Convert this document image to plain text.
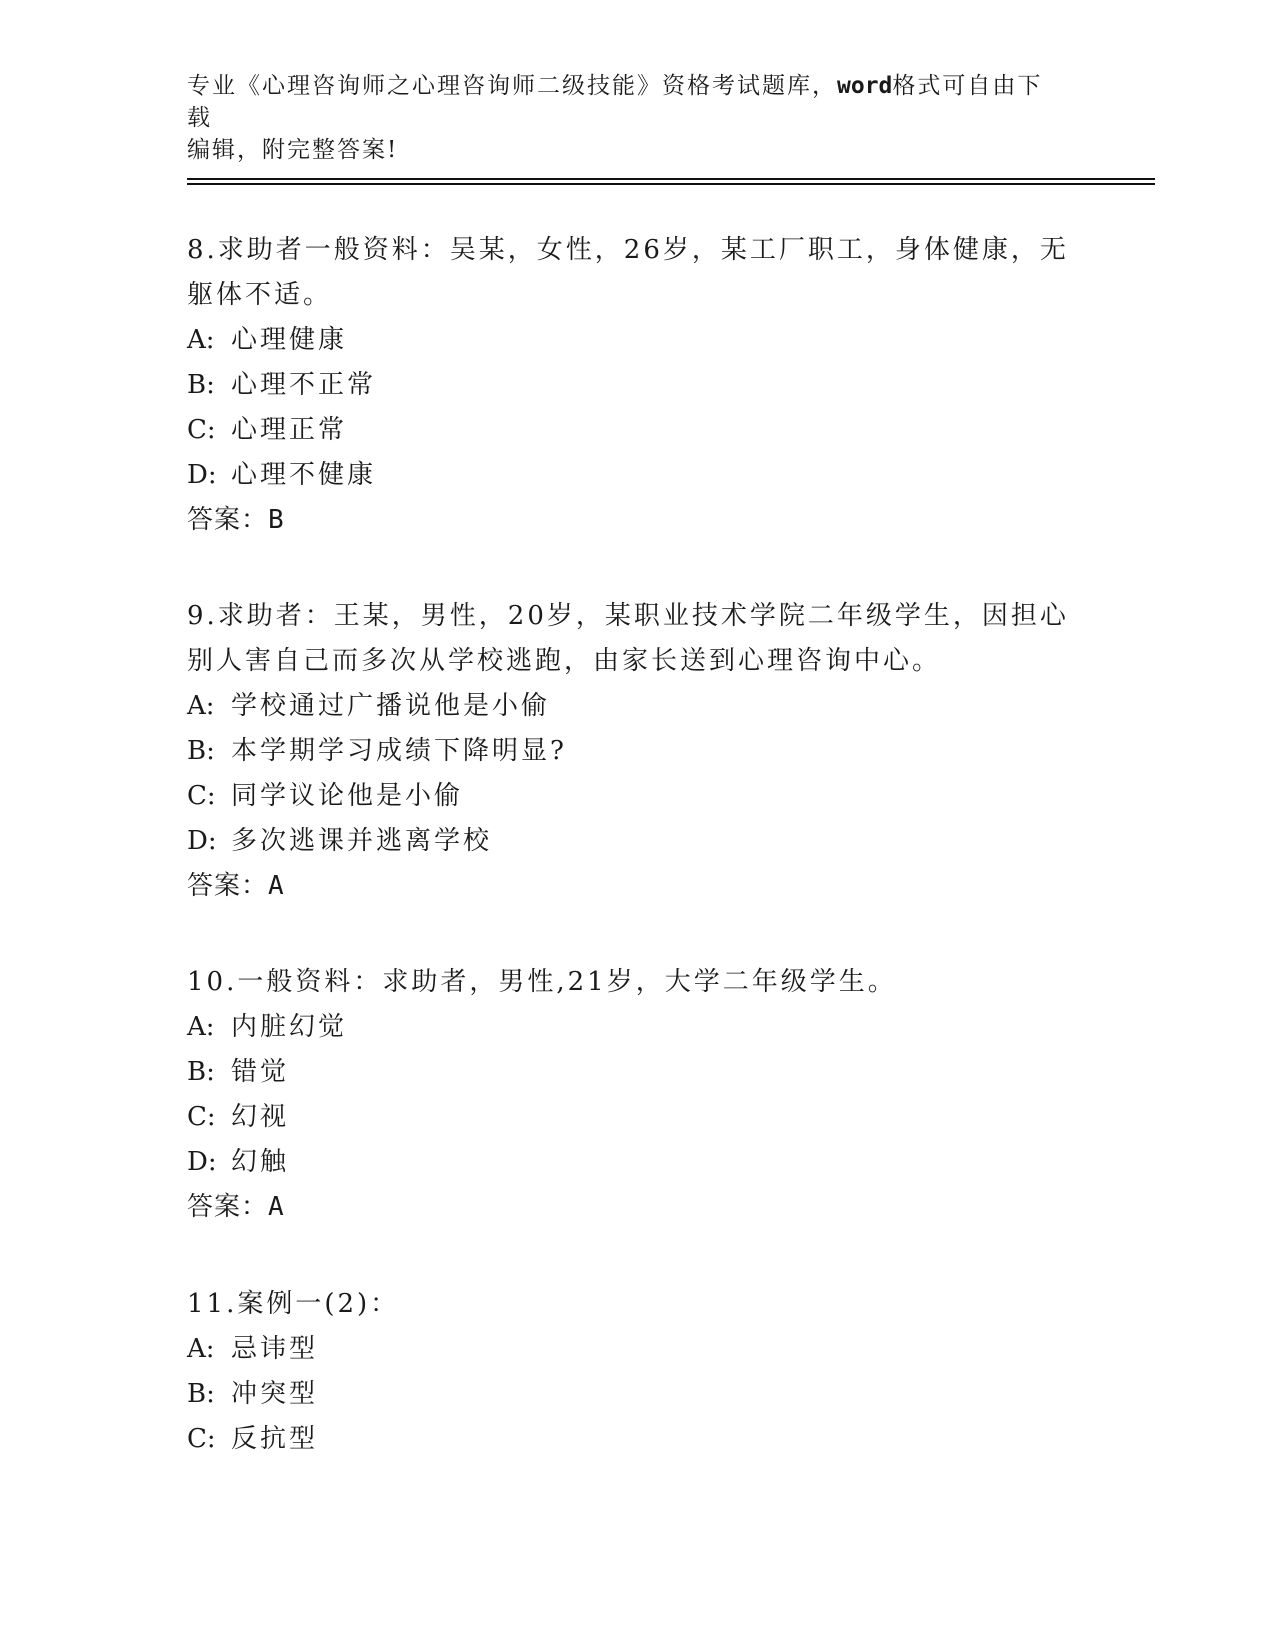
专业《心理咨询师之心理咨询师二级技能》资格考试题库，word格式可自由下载
编辑，附完整答案!
8.求助者一般资料：吴某，女性，26岁，某工厂职工，身体健康，无
躯体不适。
A: 心理健康
B: 心理不正常
C: 心理正常
D: 心理不健康
答案：B
9.求助者：王某，男性，20岁，某职业技术学院二年级学生，因担心
别人害自己而多次从学校逃跑，由家长送到心理咨询中心。
A: 学校通过广播说他是小偷
B: 本学期学习成绩下降明显?
C: 同学议论他是小偷
D: 多次逃课并逃离学校
答案：A
10.一般资料：求助者，男性,21岁，大学二年级学生。
A: 内脏幻觉
B: 错觉
C: 幻视
D: 幻触
答案：A
11.案例一(2)：
A: 忌讳型
B: 冲突型
C: 反抗型
